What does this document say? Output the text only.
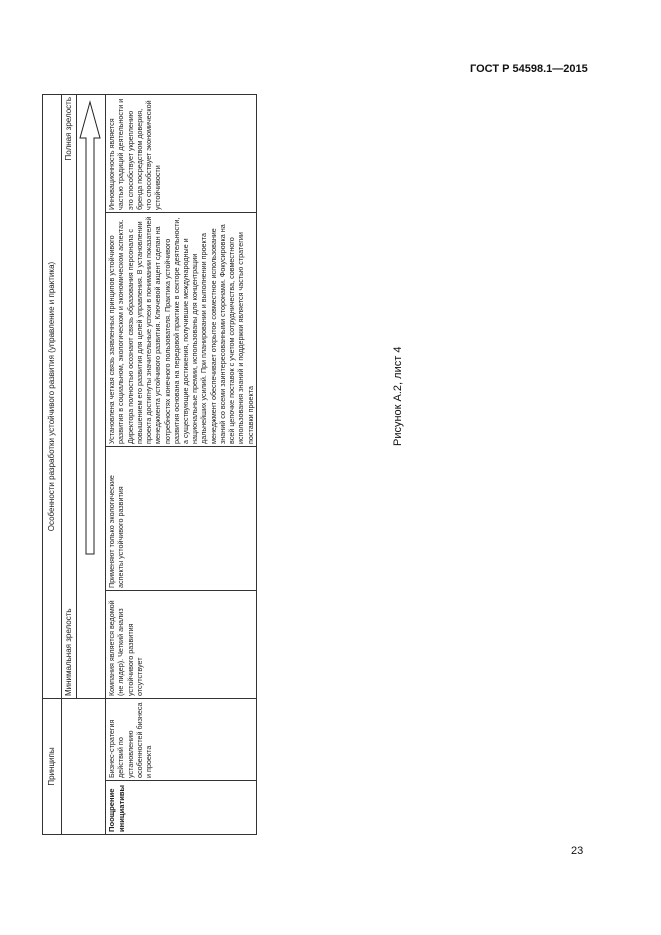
ГОСТ Р 54598.1—2015
Принципы		Особенности разработки устойчивого развития (управление и практика)			
		Минимальная зрелость		Полная зрелость	

Поощрение инициативы	Бизнес-стратегия действий по установлению особенностей бизнеса и проекта	Компания является ведомой (не лидер). Четкий анализ устойчивого развития отсутствует	Применяют только экологические аспекты устойчивого развития	Установлена четкая связь заявленных принципов устойчивого развития в социальном, экологическом и экономическом аспектах. Директора полностью осознают связь образования персонала с повышением его развития для целей управления. В установлении проекта достигнуты значительные успехи в понимании показателей менеджмента устойчивого развития. Ключевой акцент сделан на потребностях конечного пользователя. Практика устойчивого развития основана на передовой практике в секторе деятельности, а существующие достижения, получившие международные и национальные премии, использованы для концентрации дальнейших усилий. При планировании и выполнении проекта менеджмент обеспечивает открытое совместное использование знаний со всеми заинтересованными сторонами. Фокусировка на всей цепочке поставок с учетом сотрудничества, совместного использования знаний и поддержки является частью стратегии поставки проекта	Инновационность является частью традиций деятельности и это способствует укреплению бренда посредством доверия, что способствует экономической устойчивости
Рисунок А.2, лист 4
23
